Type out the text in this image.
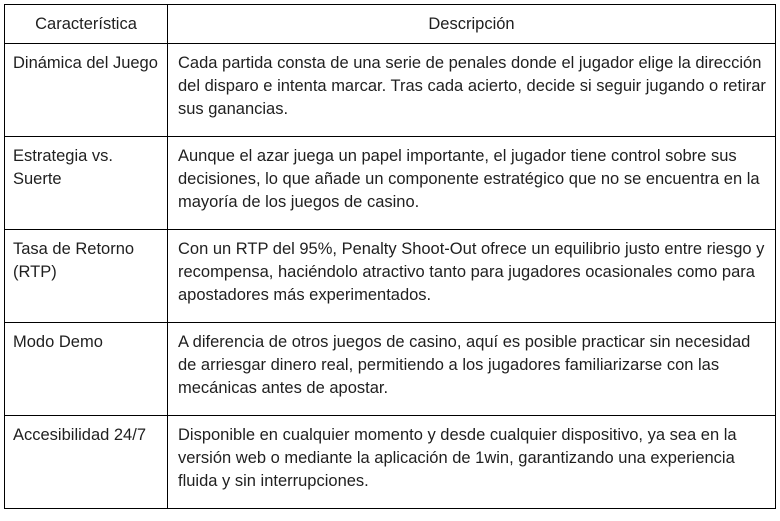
Característica	Descripción
Dinámica del Juego	Cada partida consta de una serie de penales donde el jugador elige la dirección del disparo e intenta marcar. Tras cada acierto, decide si seguir jugando o retirar sus ganancias.
Estrategia vs. Suerte	Aunque el azar juega un papel importante, el jugador tiene control sobre sus decisiones, lo que añade un componente estratégico que no se encuentra en la mayoría de los juegos de casino.
Tasa de Retorno (RTP)	Con un RTP del 95%, Penalty Shoot-Out ofrece un equilibrio justo entre riesgo y recompensa, haciéndolo atractivo tanto para jugadores ocasionales como para apostadores más experimentados.
Modo Demo	A diferencia de otros juegos de casino, aquí es posible practicar sin necesidad de arriesgar dinero real, permitiendo a los jugadores familiarizarse con las mecánicas antes de apostar.
Accesibilidad 24/7	Disponible en cualquier momento y desde cualquier dispositivo, ya sea en la versión web o mediante la aplicación de 1win, garantizando una experiencia fluida y sin interrupciones.
